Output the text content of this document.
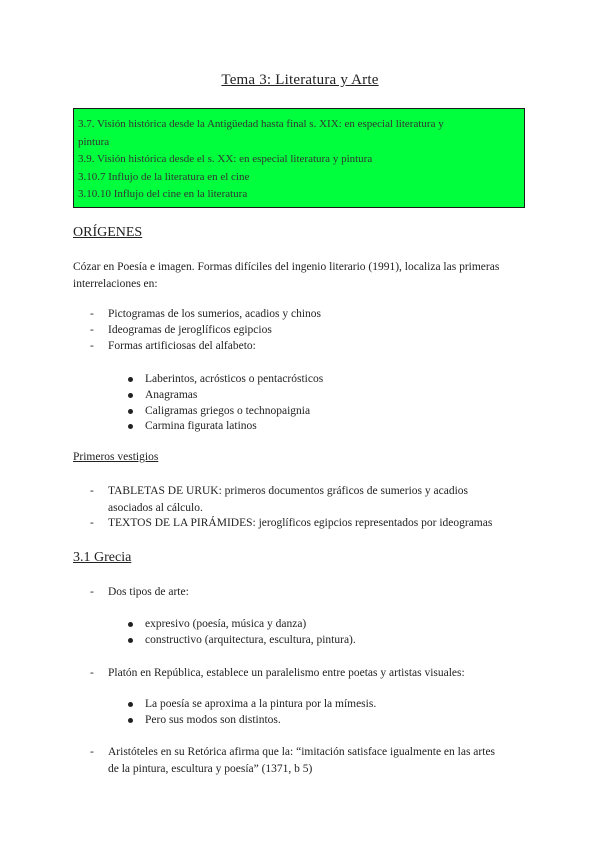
Tema 3: Literatura y Arte
3.7. Visión histórica desde la Antigüedad hasta final s. XIX: en especial literatura y
pintura
3.9. Visión histórica desde el s. XX: en especial literatura y pintura
3.10.7 Influjo de la literatura en el cine
3.10.10 Influjo del cine en la literatura
ORÍGENES
Cózar en Poesía e imagen. Formas difíciles del ingenio literario (1991), localiza las primeras
interrelaciones en:
- Pictogramas de los sumerios, acadios y chinos
- Ideogramas de jeroglíficos egipcios
- Formas artificiosas del alfabeto:
Laberintos, acrósticos o pentacrósticos
Anagramas
Caligramas griegos o technopaignia
Carmina figurata latinos
Primeros vestigios
- TABLETAS DE URUK: primeros documentos gráficos de sumerios y acadios
asociados al cálculo.
- TEXTOS DE LA PIRÁMIDES: jeroglíficos egipcios representados por ideogramas
3.1 Grecia
- Dos tipos de arte:
expresivo (poesía, música y danza)
constructivo (arquitectura, escultura, pintura).
- Platón en República, establece un paralelismo entre poetas y artistas visuales:
La poesía se aproxima a la pintura por la mímesis.
Pero sus modos son distintos.
- Aristóteles en su Retórica afirma que la: “imitación satisface igualmente en las artes
de la pintura, escultura y poesía” (1371, b 5)
